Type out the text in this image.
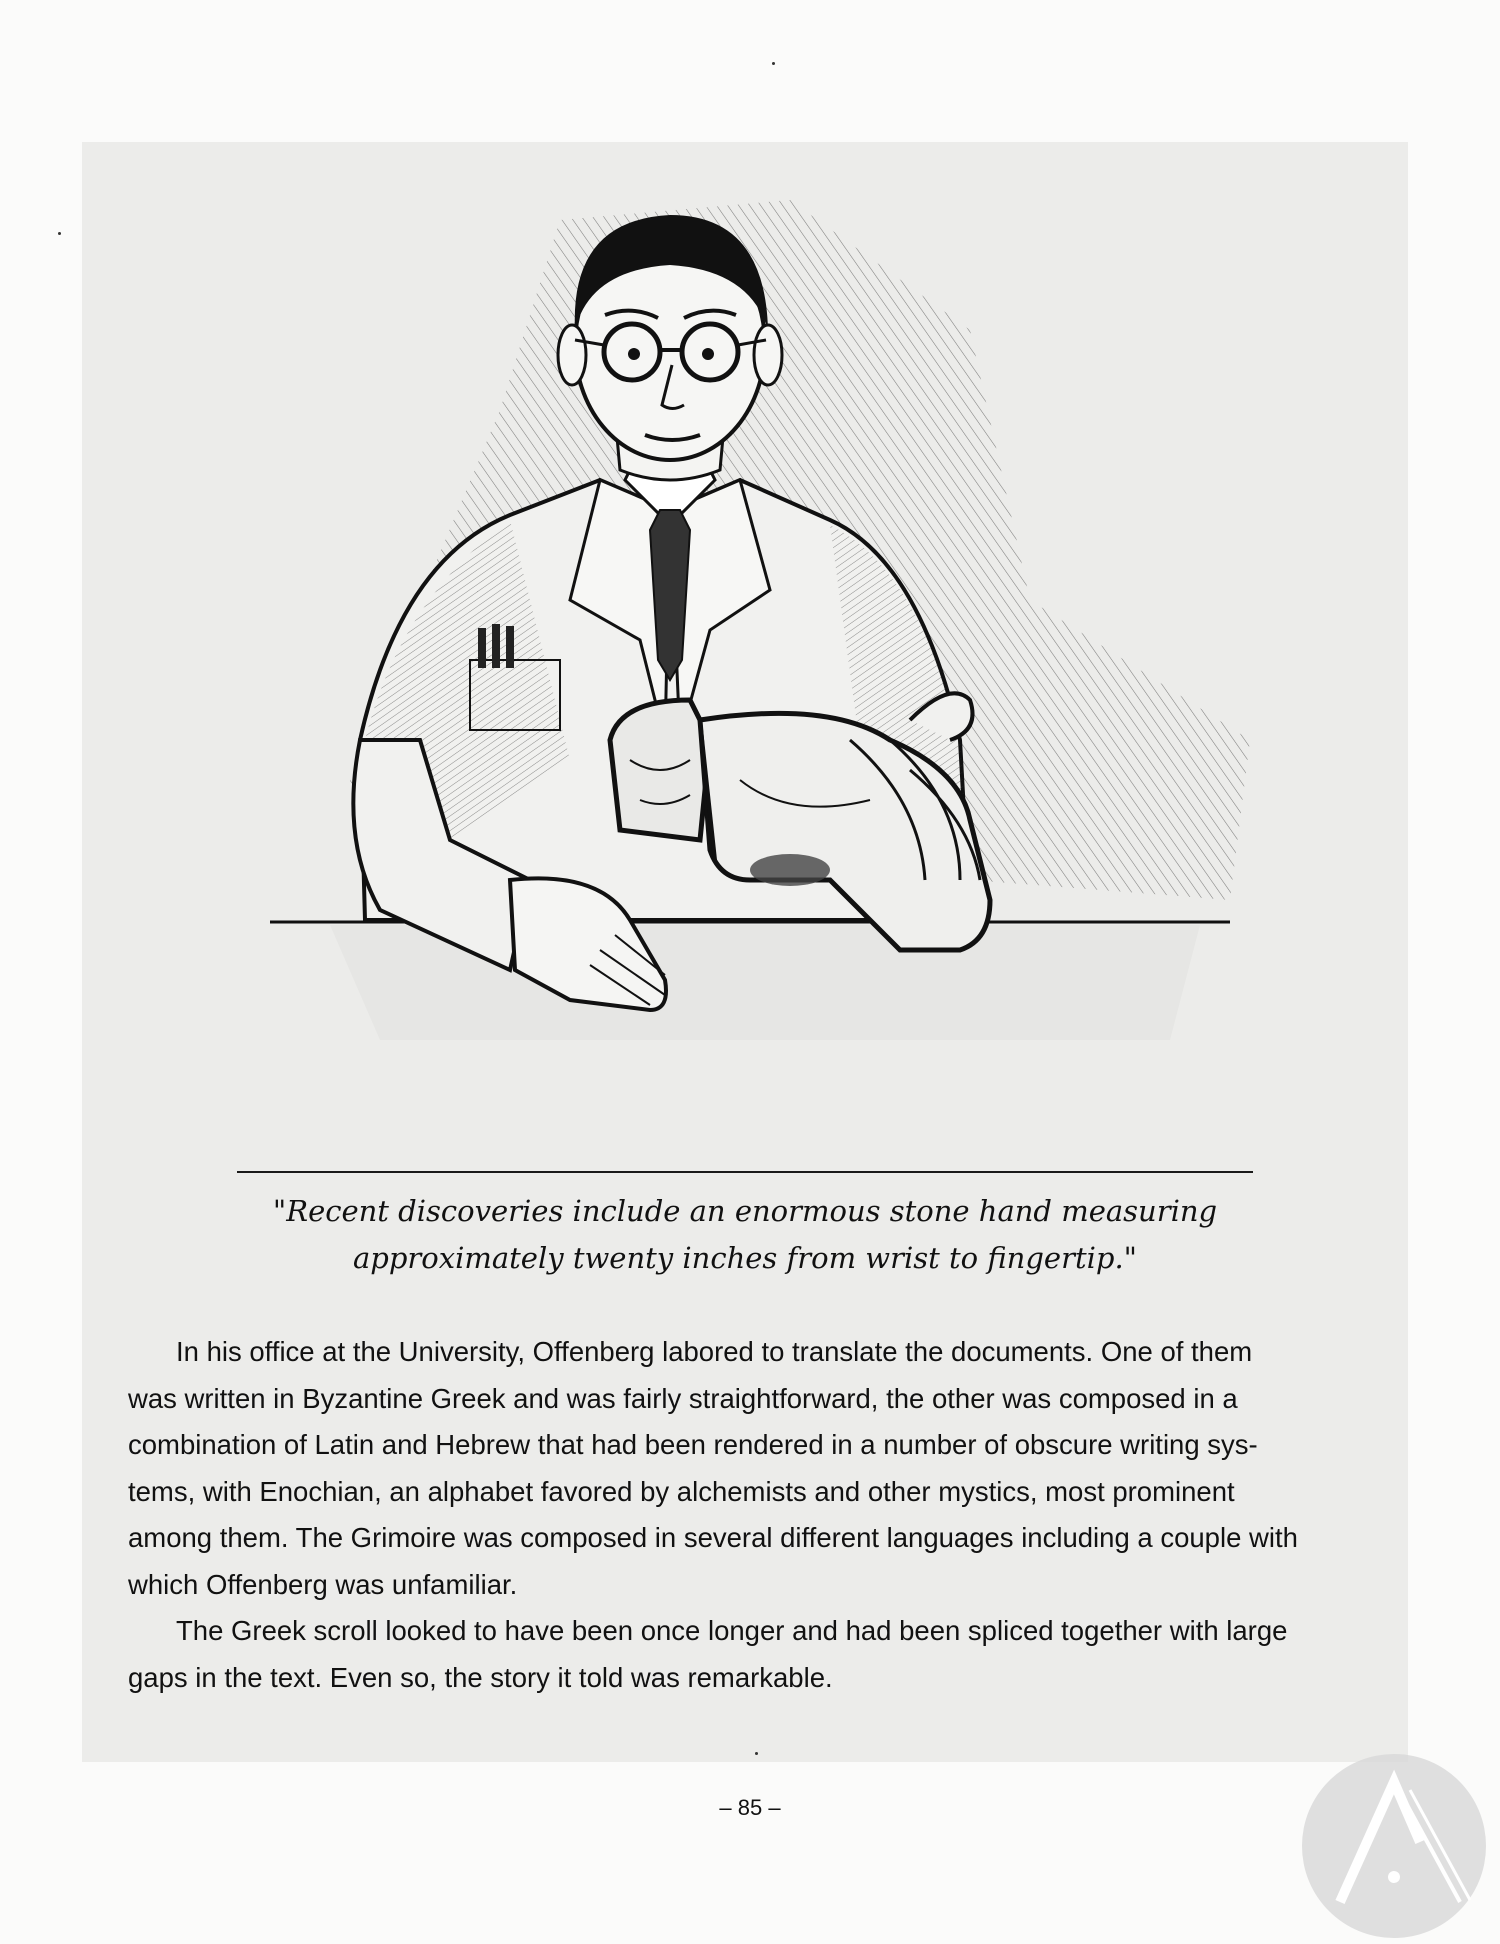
"Recent discoveries include an enormous stone hand measuring
approximately twenty inches from wrist to fingertip."
In his office at the University, Offenberg labored to translate the documents. One of them
was written in Byzantine Greek and was fairly straightforward, the other was composed in a
combination of Latin and Hebrew that had been rendered in a number of obscure writing sys-
tems, with Enochian, an alphabet favored by alchemists and other mystics, most prominent
among them. The Grimoire was composed in several different languages including a couple with
which Offenberg was unfamiliar.
The Greek scroll looked to have been once longer and had been spliced together with large
gaps in the text. Even so, the story it told was remarkable.
– 85 –
